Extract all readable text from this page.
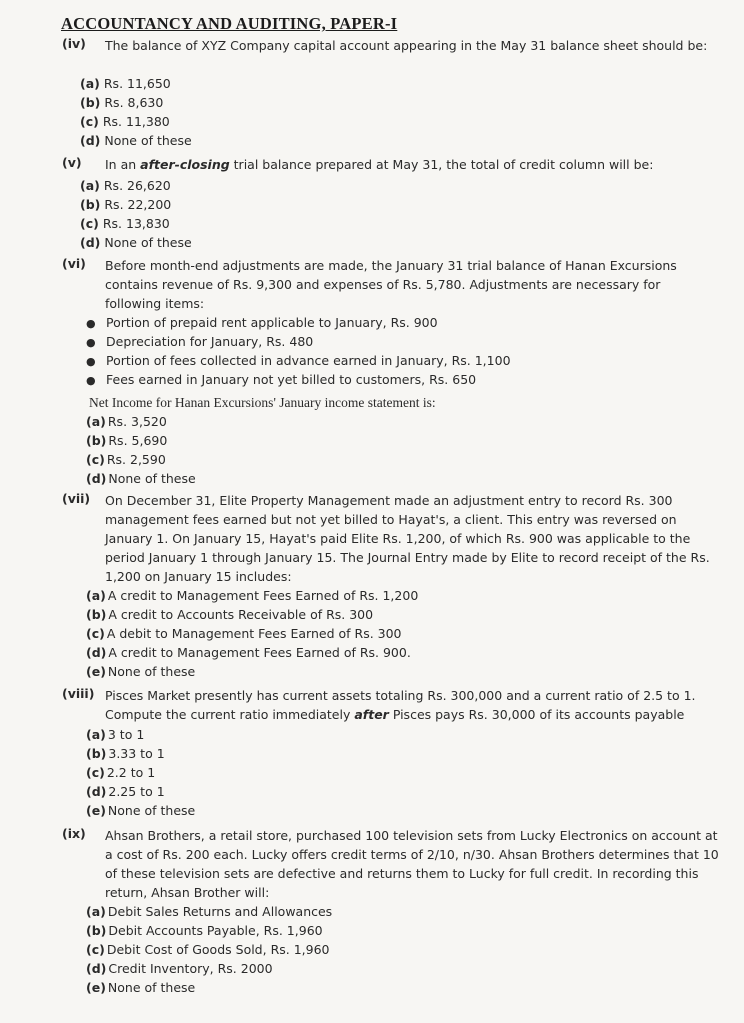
ACCOUNTANCY AND AUDITING, PAPER-I
(iv) The balance of XYZ Company capital account appearing in the May 31 balance sheet should be:
(a) Rs. 11,650
(b) Rs. 8,630
(c) Rs. 11,380
(d) None of these
(v) In an after-closing trial balance prepared at May 31, the total of credit column will be:
(a) Rs. 26,620
(b) Rs. 22,200
(c) Rs. 13,830
(d) None of these
(vi) Before month-end adjustments are made, the January 31 trial balance of Hanan Excursions contains revenue of Rs. 9,300 and expenses of Rs. 5,780. Adjustments are necessary for following items:
● Portion of prepaid rent applicable to January, Rs. 900
● Depreciation for January, Rs. 480
● Portion of fees collected in advance earned in January, Rs. 1,100
● Fees earned in January not yet billed to customers, Rs. 650
Net Income for Hanan Excursions' January income statement is:
(a) Rs. 3,520
(b) Rs. 5,690
(c) Rs. 2,590
(d) None of these
(vii) On December 31, Elite Property Management made an adjustment entry to record Rs. 300 management fees earned but not yet billed to Hayat's, a client. This entry was reversed on January 1. On January 15, Hayat's paid Elite Rs. 1,200, of which Rs. 900 was applicable to the period January 1 through January 15. The Journal Entry made by Elite to record receipt of the Rs. 1,200 on January 15 includes:
(a) A credit to Management Fees Earned of Rs. 1,200
(b) A credit to Accounts Receivable of Rs. 300
(c) A debit to Management Fees Earned of Rs. 300
(d) A credit to Management Fees Earned of Rs. 900.
(e) None of these
(viii) Pisces Market presently has current assets totaling Rs. 300,000 and a current ratio of 2.5 to 1.
Compute the current ratio immediately after Pisces pays Rs. 30,000 of its accounts payable
(a) 3 to 1
(b) 3.33 to 1
(c) 2.2 to 1
(d) 2.25 to 1
(e) None of these
(ix) Ahsan Brothers, a retail store, purchased 100 television sets from Lucky Electronics on account at a cost of Rs. 200 each. Lucky offers credit terms of 2/10, n/30. Ahsan Brothers determines that 10 of these television sets are defective and returns them to Lucky for full credit. In recording this return, Ahsan Brother will:
(a) Debit Sales Returns and Allowances
(b) Debit Accounts Payable, Rs. 1,960
(c) Debit Cost of Goods Sold, Rs. 1,960
(d) Credit Inventory, Rs. 2000
(e) None of these
